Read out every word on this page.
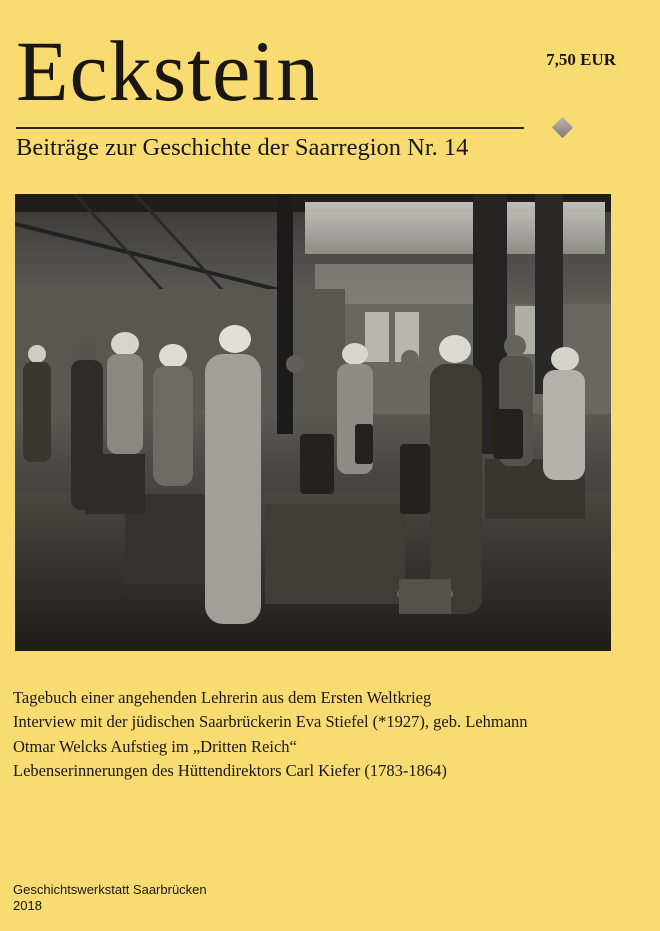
Eckstein
Beiträge zur Geschichte der Saarregion Nr. 14
7,50 EUR
Tagebuch einer angehenden Lehrerin aus dem Ersten Weltkrieg
Interview mit der jüdischen Saarbrückerin Eva Stiefel (*1927), geb. Lehmann
Otmar Welcks Aufstieg im „Dritten Reich“
Lebenserinnerungen des Hüttendirektors Carl Kiefer (1783-1864)
Geschichtswerkstatt Saarbrücken
2018
